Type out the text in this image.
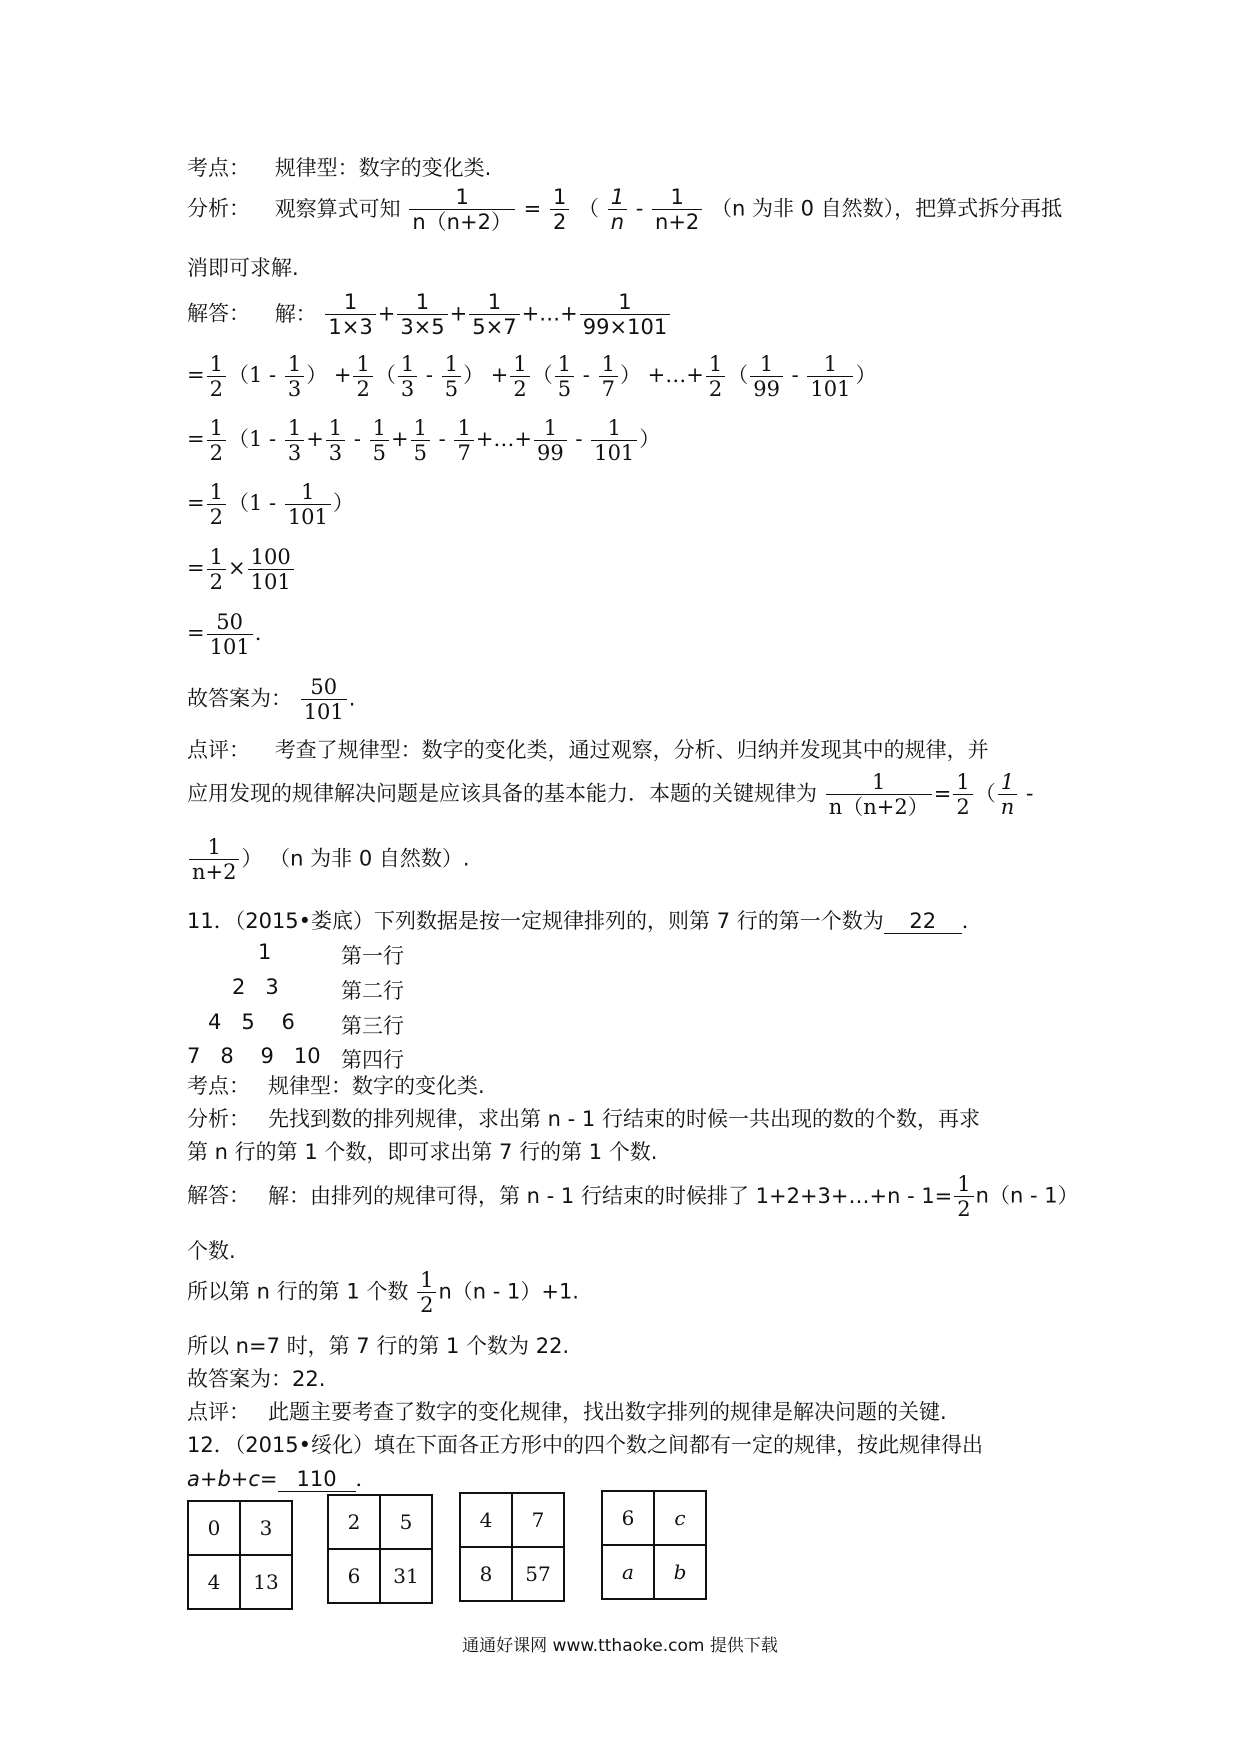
考点： 规律型：数字的变化类.
分析： 观察算式可知 $\frac{1}{n(n+2)} = \frac{1}{2}$ （ $\frac{1}{n} - \frac{1}{n+2} (n$ 为非 0 自然数），把算式拆分再抵
消即可求解.
解答： 解： $\frac{1}{1\times 3} + \frac{1}{3\times 5} + \frac{1}{5\times 7}$ +…+ $\frac{1}{99\times 101}$
= $\frac{1}{2} (1 - \frac{1}{3}$ ） + $\frac{1}{2}$ （ $\frac{1}{3} - \frac{1}{5}$ ） + $\frac{1}{2}$ （ $\frac{1}{5} - \frac{1}{7}$ ） +…+ $\frac{1}{2}$ （ $\frac{1}{99} - \frac{1}{101}$ ）
= $\frac{1}{2} (1 - \frac{1}{3} + \frac{1}{3} - \frac{1}{5} + \frac{1}{5} - \frac{1}{7}$ +…+ $\frac{1}{99} - \frac{1}{101}$ ）
= $\frac{1}{2} (1 - \frac{1}{101}$ ）
= $\frac{1}{2} \times \frac{100}{101}$
= $\frac{50}{101}$ .
故答案为： $\frac{50}{101}$ .
点评： 考查了规律型：数字的变化类，通过观察，分析、归纳并发现其中的规律，并
应用发现的规律解决问题是应该具备的基本能力．本题的关键规律为 $\frac{1}{n(n+2)} = \frac{1}{2}$ （ $\frac{1}{n}$ -
$\frac{1}{n+2}$ ） （n 为非 0 自然数）.
11．（2015•娄底）下列数据是按一定规律排列的，则第 7 行的第一个数为 22 ．
1	第一行
2   3	第二行
4   5    6 第三行
7   8    9   10 第四行
考点： 规律型：数字的变化类.
分析： 先找到数的排列规律，求出第 n - 1 行结束的时候一共出现的数的个数，再求
第 n 行的第 1 个数，即可求出第 7 行的第 1 个数.
解答： 解：由排列的规律可得，第 n - 1 行结束的时候排了 1+2+3+…+n - $1= \frac{1}{2} n(n - 1)$
个数.
所以第 n 行的第 1 个数 $\frac{1}{2} n(n - 1)+1$.
所以 n=7 时，第 7 行的第 1 个数为 22.
故答案为：22.
点评： 此题主要考查了数字的变化规律，找出数字排列的规律是解决问题的关键.
12．（2015•绥化）填在下面各正方形中的四个数之间都有一定的规律，按此规律得出
a+b+c= 110 ．
0	3
4	13
2	5
6	31
4	7
8	57
6	c
a	b
通通好课网 www.tthaoke.com 提供下载
